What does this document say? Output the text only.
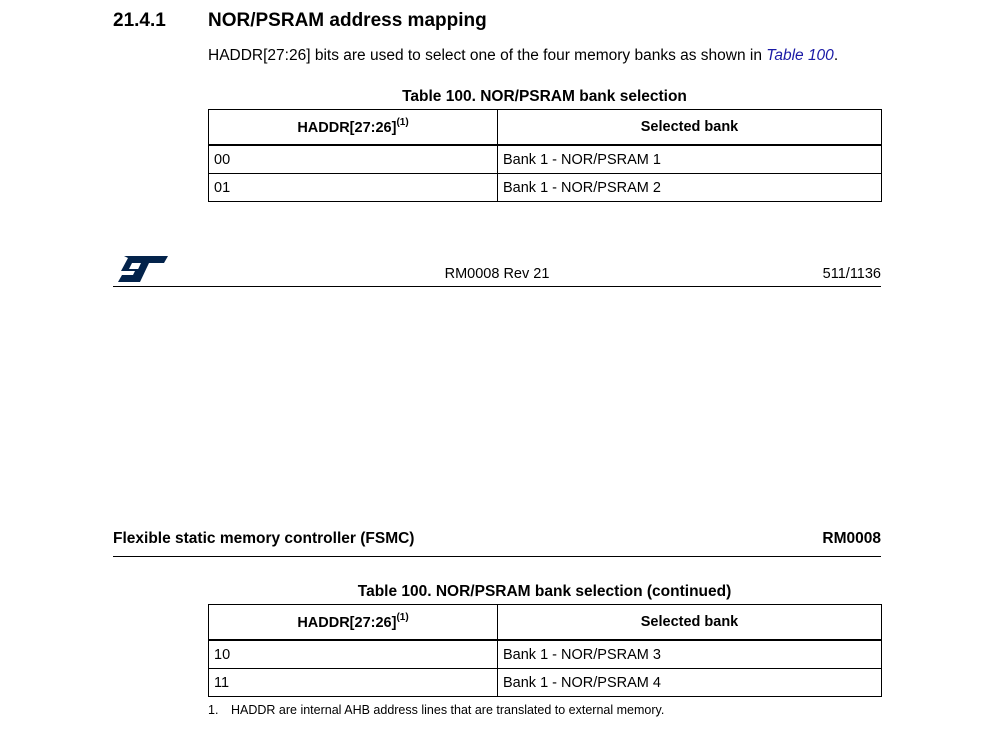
21.4.1 NOR/PSRAM address mapping
HADDR[27:26] bits are used to select one of the four memory banks as shown in Table 100.
Table 100. NOR/PSRAM bank selection
HADDR[27:26]$^{(1)}$	Selected bank
00	Bank 1 - NOR/PSRAM 1
01	Bank 1 - NOR/PSRAM 2
RM0008 Rev 21	511/1136
Flexible static memory controller (FSMC)	RM0008
Table 100. NOR/PSRAM bank selection (continued)
HADDR[27:26]$^{(1)}$	Selected bank
10	Bank 1 - NOR/PSRAM 3
11	Bank 1 - NOR/PSRAM 4
1. HADDR are internal AHB address lines that are translated to external memory.
